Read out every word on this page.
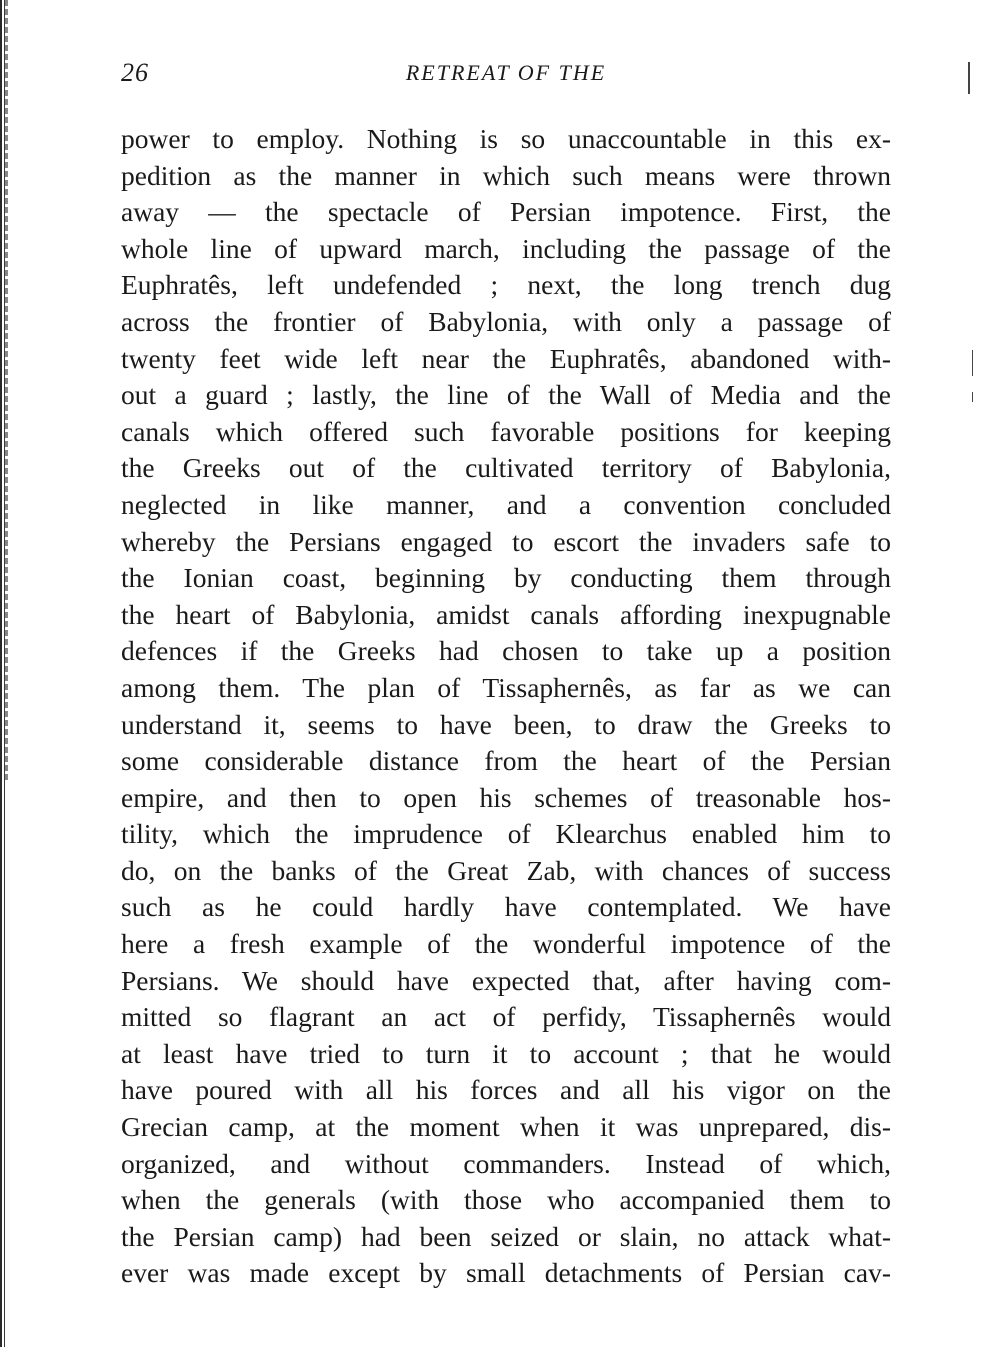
26	RETREAT OF THE
power to employ. Nothing is so unaccountable in this ex-
pedition as the manner in which such means were thrown
away — the spectacle of Persian impotence. First, the
whole line of upward march, including the passage of the
Euphratês, left undefended ; next, the long trench dug
across the frontier of Babylonia, with only a passage of
twenty feet wide left near the Euphratês, abandoned with-
out a guard ; lastly, the line of the Wall of Media and the
canals which offered such favorable positions for keeping
the Greeks out of the cultivated territory of Babylonia,
neglected in like manner, and a convention concluded
whereby the Persians engaged to escort the invaders safe to
the Ionian coast, beginning by conducting them through
the heart of Babylonia, amidst canals affording inexpugnable
defences if the Greeks had chosen to take up a position
among them. The plan of Tissaphernês, as far as we can
understand it, seems to have been, to draw the Greeks to
some considerable distance from the heart of the Persian
empire, and then to open his schemes of treasonable hos-
tility, which the imprudence of Klearchus enabled him to
do, on the banks of the Great Zab, with chances of success
such as he could hardly have contemplated. We have
here a fresh example of the wonderful impotence of the
Persians. We should have expected that, after having com-
mitted so flagrant an act of perfidy, Tissaphernês would
at least have tried to turn it to account ; that he would
have poured with all his forces and all his vigor on the
Grecian camp, at the moment when it was unprepared, dis-
organized, and without commanders. Instead of which,
when the generals (with those who accompanied them to
the Persian camp) had been seized or slain, no attack what-
ever was made except by small detachments of Persian cav-
